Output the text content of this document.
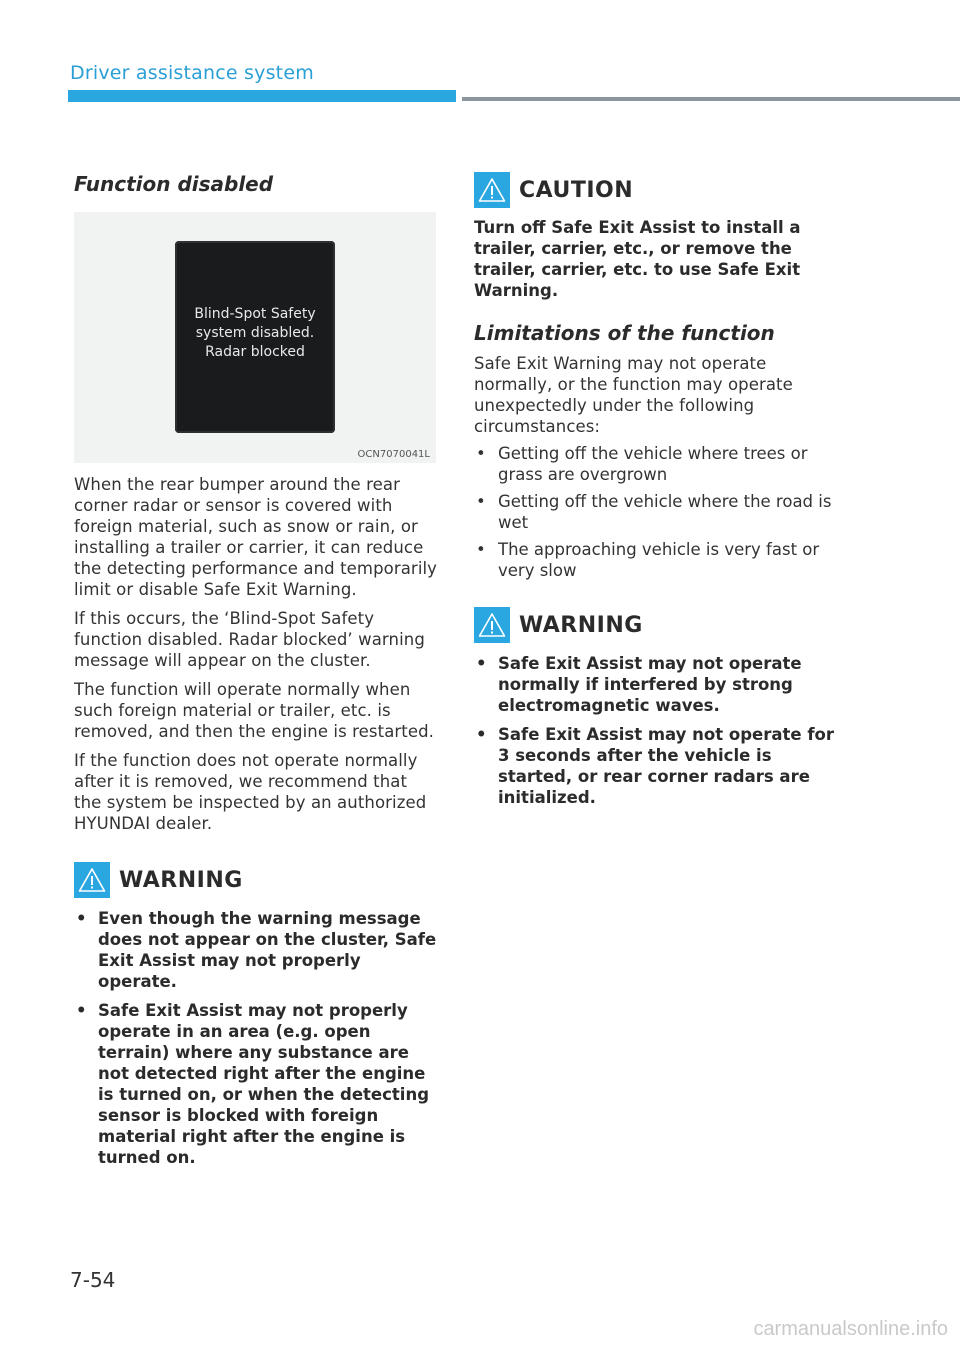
Driver assistance system
Function disabled
Blind-Spot Safety
system disabled.
Radar blocked
OCN7070041L

When the rear bumper around the rear corner radar or sensor is covered with foreign material, such as snow or rain, or installing a trailer or carrier, it can reduce the detecting performance and temporarily limit or disable Safe Exit Warning.

If this occurs, the ‘Blind-Spot Safety function disabled. Radar blocked’ warning message will appear on the cluster.

The function will operate normally when such foreign material or trailer, etc. is removed, and then the engine is restarted.

If the function does not operate normally after it is removed, we recommend that the system be inspected by an authorized HYUNDAI dealer.

WARNING
• Even though the warning message does not appear on the cluster, Safe Exit Assist may not properly operate.
• Safe Exit Assist may not properly operate in an area (e.g. open terrain) where any substance are not detected right after the engine is turned on, or when the detecting sensor is blocked with foreign material right after the engine is turned on.
CAUTION

Turn off Safe Exit Assist to install a trailer, carrier, etc., or remove the trailer, carrier, etc. to use Safe Exit Warning.

Limitations of the function

Safe Exit Warning may not operate normally, or the function may operate unexpectedly under the following circumstances:

• Getting off the vehicle where trees or grass are overgrown
• Getting off the vehicle where the road is wet
• The approaching vehicle is very fast or very slow
WARNING
• Safe Exit Assist may not operate normally if interfered by strong electromagnetic waves.
• Safe Exit Assist may not operate for 3 seconds after the vehicle is started, or rear corner radars are initialized.
7-54
carmanualsonline.info
